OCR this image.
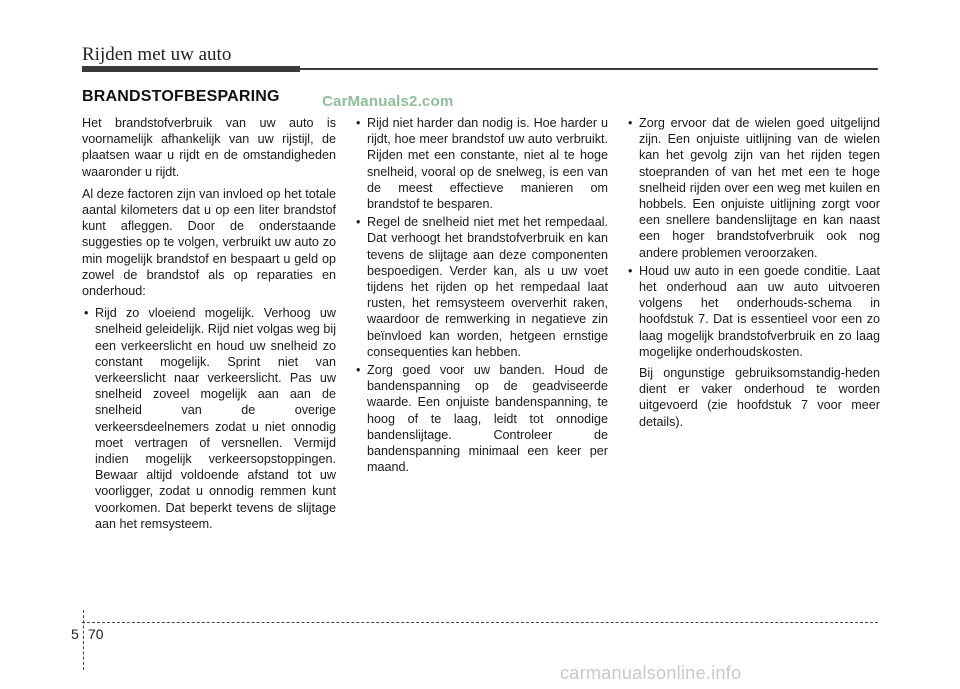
Rijden met uw auto
BRANDSTOFBESPARING	CarManuals2.com

Het brandstofverbruik van uw auto is voornamelijk afhankelijk van uw rijstijl, de plaatsen waar u rijdt en de omstandigheden waaronder u rijdt.

Al deze factoren zijn van invloed op het totale aantal kilometers dat u op een liter brandstof kunt afleggen. Door de onderstaande suggesties op te volgen, verbruikt uw auto zo min mogelijk brandstof en bespaart u geld op zowel de brandstof als op reparaties en onderhoud:

• Rijd zo vloeiend mogelijk. Verhoog uw snelheid geleidelijk. Rijd niet volgas weg bij een verkeerslicht en houd uw snelheid zo constant mogelijk. Sprint niet van verkeerslicht naar verkeerslicht. Pas uw snelheid zoveel mogelijk aan aan de snelheid van de overige verkeersdeelnemers zodat u niet onnodig moet vertragen of versnellen. Vermijd indien mogelijk verkeersopstoppingen. Bewaar altijd voldoende afstand tot uw voorligger, zodat u onnodig remmen kunt voorkomen. Dat beperkt tevens de slijtage aan het remsysteem.
• Rijd niet harder dan nodig is. Hoe harder u rijdt, hoe meer brandstof uw auto verbruikt. Rijden met een constante, niet al te hoge snelheid, vooral op de snelweg, is een van de meest effectieve manieren om brandstof te besparen.
• Regel de snelheid niet met het rempedaal. Dat verhoogt het brandstofverbruik en kan tevens de slijtage aan deze componenten bespoedigen. Verder kan, als u uw voet tijdens het rijden op het rempedaal laat rusten, het remsysteem oververhit raken, waardoor de remwerking in negatieve zin beïnvloed kan worden, hetgeen ernstige consequenties kan hebben.
• Zorg goed voor uw banden. Houd de bandenspanning op de geadviseerde waarde. Een onjuiste bandenspanning, te hoog of te laag, leidt tot onnodige bandenslijtage. Controleer de bandenspanning minimaal een keer per maand.
• Zorg ervoor dat de wielen goed uitgelijnd zijn. Een onjuiste uitlijning van de wielen kan het gevolg zijn van het rijden tegen stoepranden of van het met een te hoge snelheid rijden over een weg met kuilen en hobbels. Een onjuiste uitlijning zorgt voor een snellere bandenslijtage en kan naast een hoger brandstofverbruik ook nog andere problemen veroorzaken.
• Houd uw auto in een goede conditie. Laat het onderhoud aan uw auto uitvoeren volgens het onderhouds-schema in hoofdstuk 7. Dat is essentieel voor een zo laag mogelijk brandstofverbruik en zo laag mogelijke onderhoudskosten.

Bij ongunstige gebruiksomstandig-heden dient er vaker onderhoud te worden uitgevoerd (zie hoofdstuk 7 voor meer details).

5 70
carmanualsonline.info
